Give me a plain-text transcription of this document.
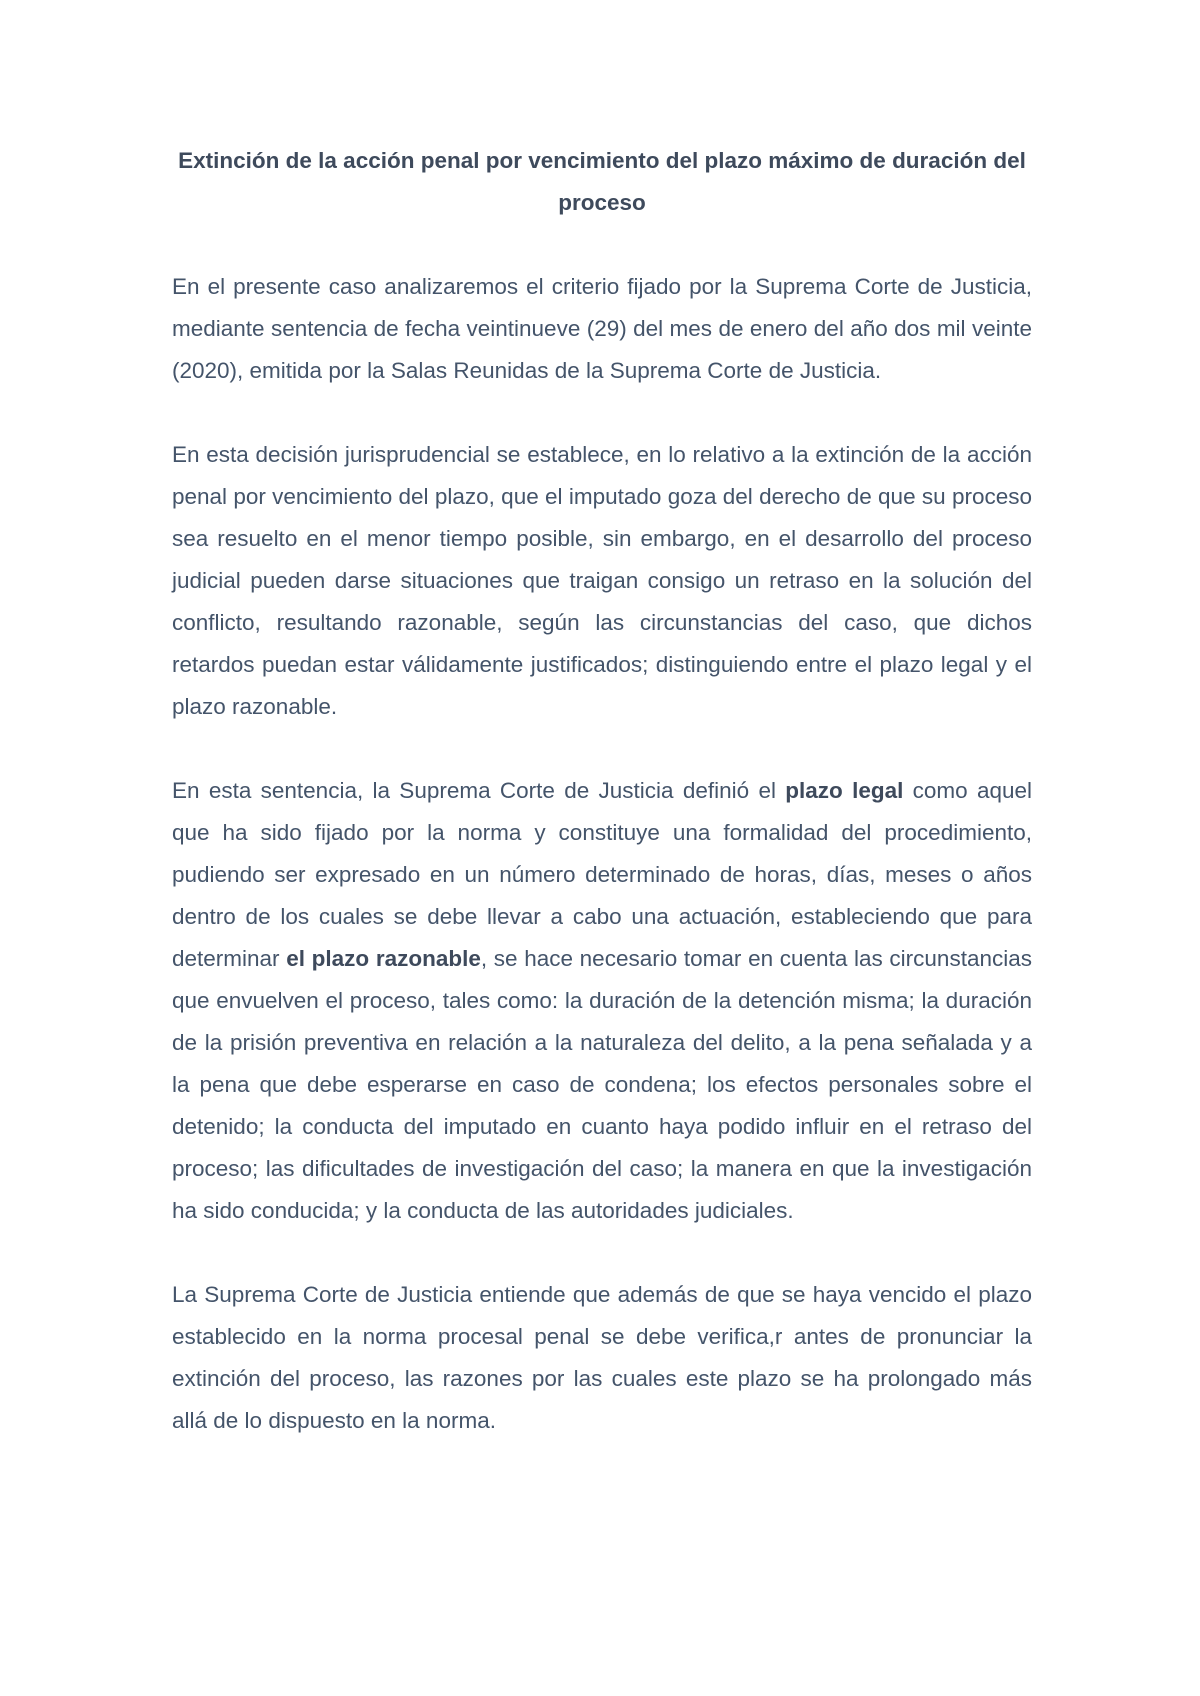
Extinción de la acción penal por vencimiento del plazo máximo de duración del proceso

En el presente caso analizaremos el criterio fijado por la Suprema Corte de Justicia, mediante sentencia de fecha veintinueve (29) del mes de enero del año dos mil veinte (2020), emitida por la Salas Reunidas de la Suprema Corte de Justicia.

En esta decisión jurisprudencial se establece, en lo relativo a la extinción de la acción penal por vencimiento del plazo, que el imputado goza del derecho de que su proceso sea resuelto en el menor tiempo posible, sin embargo, en el desarrollo del proceso judicial pueden darse situaciones que traigan consigo un retraso en la solución del conflicto, resultando razonable, según las circunstancias del caso, que dichos retardos puedan estar válidamente justificados; distinguiendo entre el plazo legal y el plazo razonable.

En esta sentencia, la Suprema Corte de Justicia definió el plazo legal como aquel que ha sido fijado por la norma y constituye una formalidad del procedimiento, pudiendo ser expresado en un número determinado de horas, días, meses o años dentro de los cuales se debe llevar a cabo una actuación, estableciendo que para determinar el plazo razonable, se hace necesario tomar en cuenta las circunstancias que envuelven el proceso, tales como: la duración de la detención misma; la duración de la prisión preventiva en relación a la naturaleza del delito, a la pena señalada y a la pena que debe esperarse en caso de condena; los efectos personales sobre el detenido; la conducta del imputado en cuanto haya podido influir en el retraso del proceso; las dificultades de investigación del caso; la manera en que la investigación ha sido conducida; y la conducta de las autoridades judiciales.

La Suprema Corte de Justicia entiende que además de que se haya vencido el plazo establecido en la norma procesal penal se debe verifica,r antes de pronunciar la extinción del proceso, las razones por las cuales este plazo se ha prolongado más allá de lo dispuesto en la norma.
